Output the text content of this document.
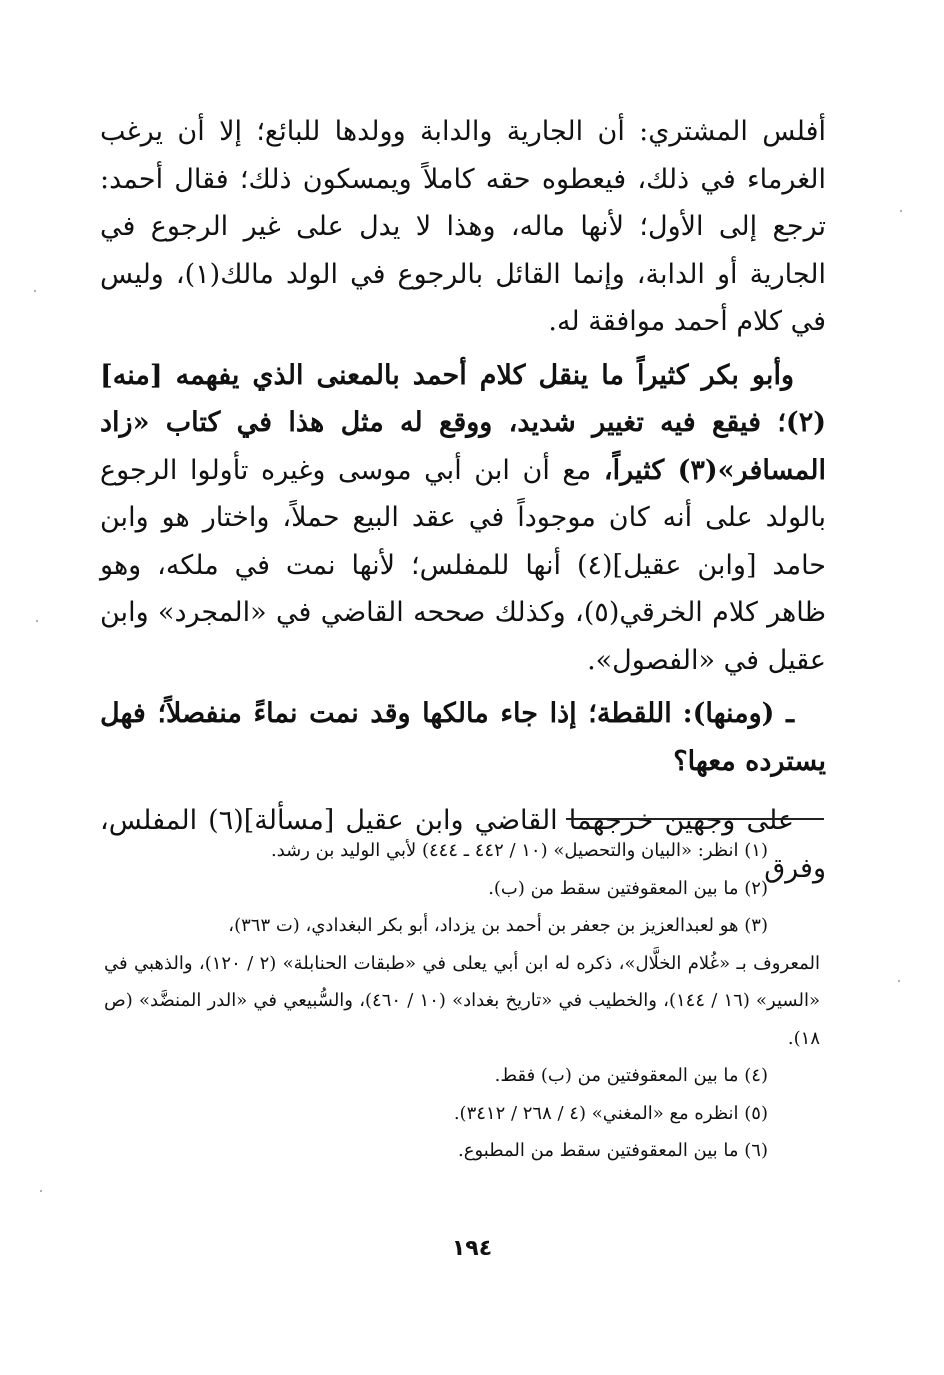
أفلس المشتري: أن الجارية والدابة وولدها للبائع؛ إلا أن يرغب الغرماء في ذلك، فيعطوه حقه كاملاً ويمسكون ذلك؛ فقال أحمد: ترجع إلى الأول؛ لأنها ماله، وهذا لا يدل على غير الرجوع في الجارية أو الدابة، وإنما القائل بالرجوع في الولد مالك(١)، وليس في كلام أحمد موافقة له.

وأبو بكر كثيراً ما ينقل كلام أحمد بالمعنى الذي يفهمه [منه](٢)؛ فيقع فيه تغيير شديد، ووقع له مثل هذا في كتاب «زاد المسافر»(٣) كثيراً، مع أن ابن أبي موسى وغيره تأولوا الرجوع بالولد على أنه كان موجوداً في عقد البيع حملاً، واختار هو وابن حامد [وابن عقيل](٤) أنها للمفلس؛ لأنها نمت في ملكه، وهو ظاهر كلام الخرقي(٥)، وكذلك صححه القاضي في «المجرد» وابن عقيل في «الفصول».

ـ (ومنها): اللقطة؛ إذا جاء مالكها وقد نمت نماءً منفصلاً؛ فهل يسترده معها؟

على وجهين خرجهما القاضي وابن عقيل [مسألة](٦) المفلس، وفرق

(١) انظر: «البيان والتحصيل» (١٠ / ٤٤٢ ـ ٤٤٤) لأبي الوليد بن رشد.

(٢) ما بين المعقوفتين سقط من (ب).

(٣) هو لعبدالعزيز بن جعفر بن أحمد بن يزداد، أبو بكر البغدادي، (ت ٣٦٣)،

المعروف بـ «غُلام الخلَّال»، ذكره له ابن أبي يعلى في «طبقات الحنابلة» (٢ / ١٢٠)، والذهبي في «السير» (١٦ / ١٤٤)، والخطيب في «تاريخ بغداد» (١٠ / ٤٦٠)، والسُّبيعي في «الدر المنضَّد» (ص ١٨).

(٤) ما بين المعقوفتين من (ب) فقط.

(٥) انظره مع «المغني» (٤ / ٢٦٨ / ٣٤١٢).

(٦) ما بين المعقوفتين سقط من المطبوع.

١٩٤
